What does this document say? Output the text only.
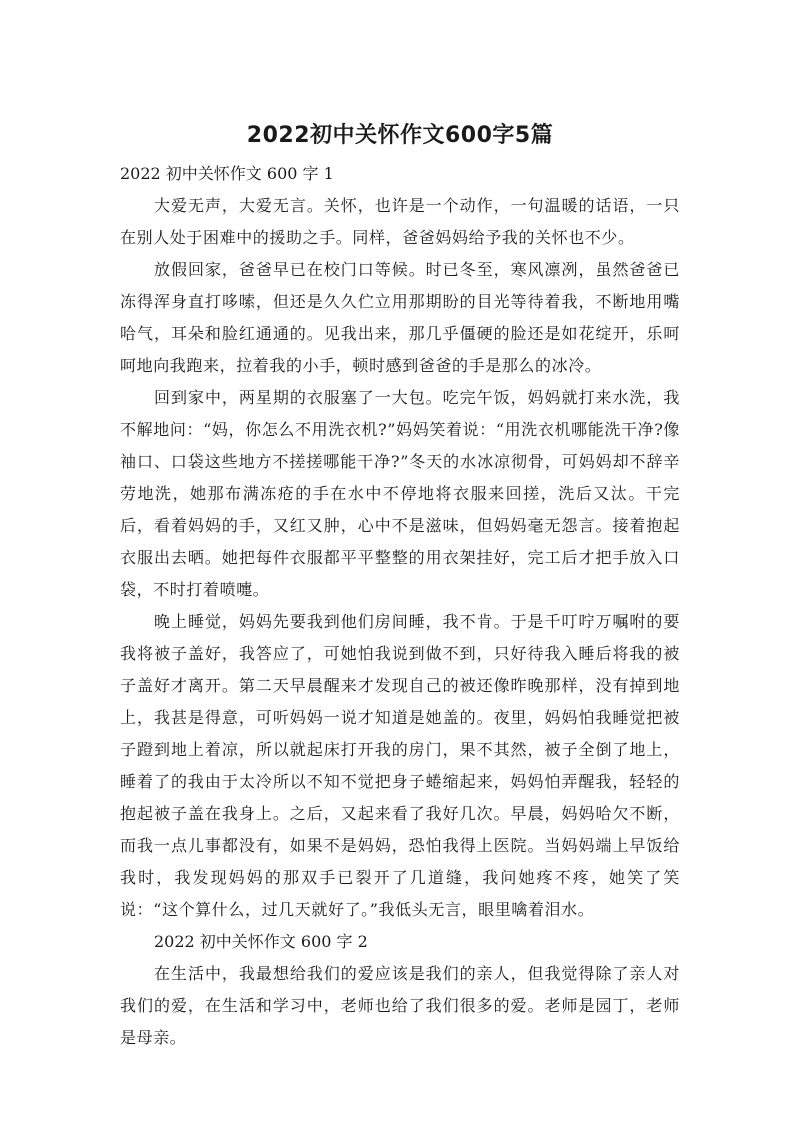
2022初中关怀作文600字5篇

2022 初中关怀作文 600 字 1

大爱无声，大爱无言。关怀，也许是一个动作，一句温暖的话语，一只在别人处于困难中的援助之手。同样，爸爸妈妈给予我的关怀也不少。

放假回家，爸爸早已在校门口等候。时已冬至，寒风凛冽，虽然爸爸已冻得浑身直打哆嗦，但还是久久伫立用那期盼的目光等待着我，不断地用嘴哈气，耳朵和脸红通通的。见我出来，那几乎僵硬的脸还是如花绽开，乐呵呵地向我跑来，拉着我的小手，顿时感到爸爸的手是那么的冰冷。

回到家中，两星期的衣服塞了一大包。吃完午饭，妈妈就打来水洗，我不解地问：“妈，你怎么不用洗衣机?”妈妈笑着说：“用洗衣机哪能洗干净?像袖口、口袋这些地方不搓搓哪能干净?”冬天的水冰凉彻骨，可妈妈却不辞辛劳地洗，她那布满冻疮的手在水中不停地将衣服来回搓，洗后又汰。干完后，看着妈妈的手，又红又肿，心中不是滋味，但妈妈毫无怨言。接着抱起衣服出去晒。她把每件衣服都平平整整的用衣架挂好，完工后才把手放入口袋，不时打着喷嚏。

晚上睡觉，妈妈先要我到他们房间睡，我不肯。于是千叮咛万嘱咐的要我将被子盖好，我答应了，可她怕我说到做不到，只好待我入睡后将我的被子盖好才离开。第二天早晨醒来才发现自己的被还像昨晚那样，没有掉到地上，我甚是得意，可听妈妈一说才知道是她盖的。夜里，妈妈怕我睡觉把被子蹬到地上着凉，所以就起床打开我的房门，果不其然，被子全倒了地上，睡着了的我由于太冷所以不知不觉把身子蜷缩起来，妈妈怕弄醒我，轻轻的抱起被子盖在我身上。之后，又起来看了我好几次。早晨，妈妈哈欠不断，而我一点儿事都没有，如果不是妈妈，恐怕我得上医院。当妈妈端上早饭给我时，我发现妈妈的那双手已裂开了几道缝，我问她疼不疼，她笑了笑说：“这个算什么，过几天就好了。”我低头无言，眼里噙着泪水。

2022 初中关怀作文 600 字 2

在生活中，我最想给我们的爱应该是我们的亲人，但我觉得除了亲人对我们的爱，在生活和学习中，老师也给了我们很多的爱。老师是园丁，老师是母亲。
